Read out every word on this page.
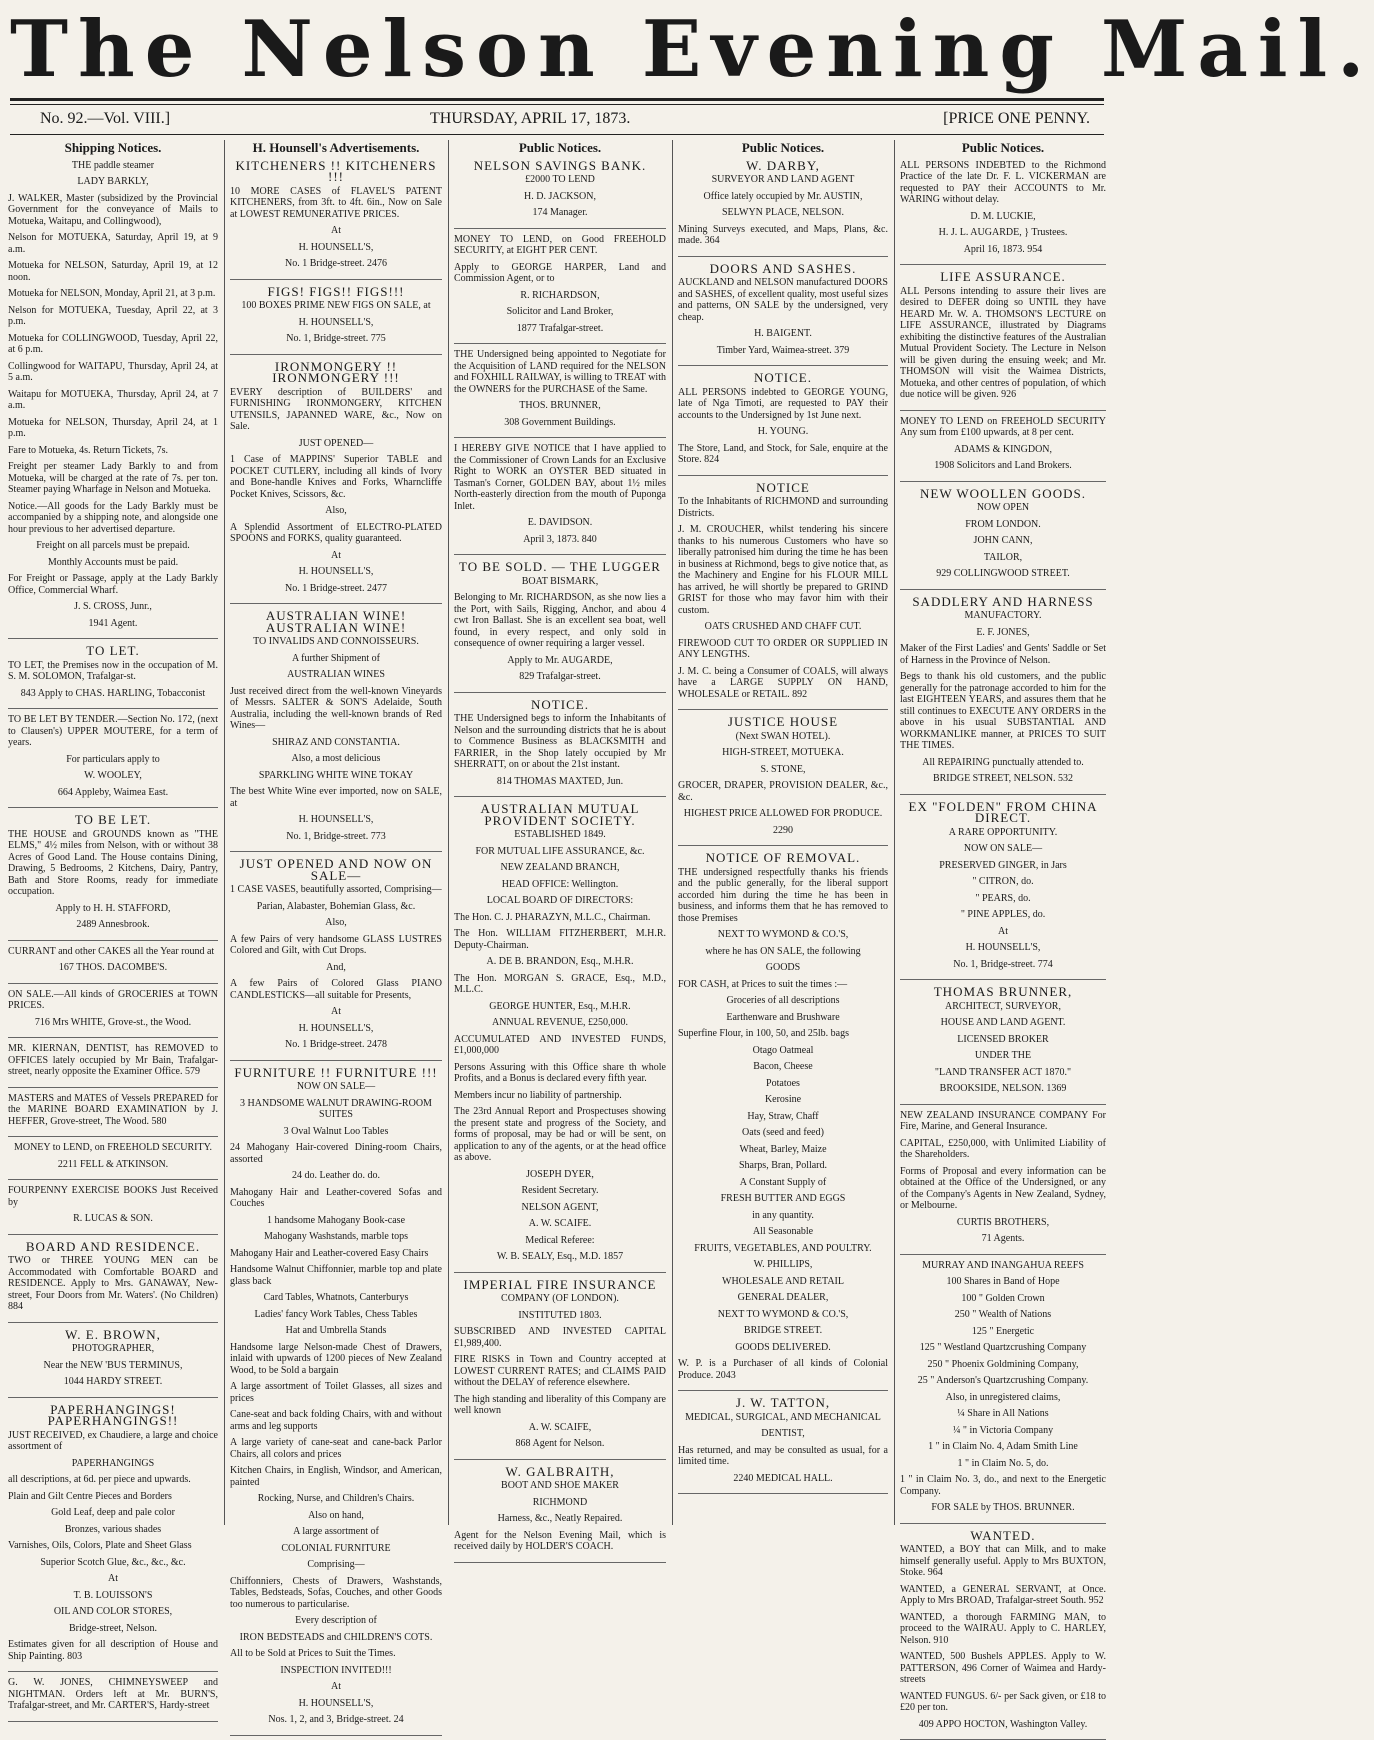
The Nelson Evening Mail.
No. 92.—Vol. VIII.]	THURSDAY, APRIL 17, 1873.	[PRICE ONE PENNY.
Shipping Notices.

THE paddle steamer

LADY BARKLY,

J. WALKER, Master (subsidized by the Provincial Government for the conveyance of Mails to Motueka, Waitapu, and Collingwood),

Nelson for MOTUEKA, Saturday, April 19, at 9 a.m.

Motueka for NELSON, Saturday, April 19, at 12 noon.

Motueka for NELSON, Monday, April 21, at 3 p.m.

Nelson for MOTUEKA, Tuesday, April 22, at 3 p.m.

Motueka for COLLINGWOOD, Tuesday, April 22, at 6 p.m.

Collingwood for WAITAPU, Thursday, April 24, at 5 a.m.

Waitapu for MOTUEKA, Thursday, April 24, at 7 a.m.

Motueka for NELSON, Thursday, April 24, at 1 p.m.

Fare to Motueka, 4s. Return Tickets, 7s.

Freight per steamer Lady Barkly to and from Motueka, will be charged at the rate of 7s. per ton. Steamer paying Wharfage in Nelson and Motueka.

Notice.—All goods for the Lady Barkly must be accompanied by a shipping note, and alongside one hour previous to her advertised departure.

Freight on all parcels must be prepaid.

Monthly Accounts must be paid.

For Freight or Passage, apply at the Lady Barkly Office, Commercial Wharf.

J. S. CROSS, Junr.,

1941 Agent.

TO LET.

TO LET, the Premises now in the occupation of M. S. M. SOLOMON, Trafalgar-st.

843 Apply to CHAS. HARLING, Tobacconist

TO BE LET BY TENDER.—Section No. 172, (next to Clausen's) UPPER MOUTERE, for a term of years.

For particulars apply to

W. WOOLEY,

664 Appleby, Waimea East.

TO BE LET.

THE HOUSE and GROUNDS known as "THE ELMS," 4½ miles from Nelson, with or without 38 Acres of Good Land. The House contains Dining, Drawing, 5 Bedrooms, 2 Kitchens, Dairy, Pantry, Bath and Store Rooms, ready for immediate occupation.

Apply to H. H. STAFFORD,

2489 Annesbrook.

CURRANT and other CAKES all the Year round at

167 THOS. DACOMBE'S.

ON SALE.—All kinds of GROCERIES at TOWN PRICES.

716 Mrs WHITE, Grove-st., the Wood.

MR. KIERNAN, DENTIST, has REMOVED to OFFICES lately occupied by Mr Bain, Trafalgar-street, nearly opposite the Examiner Office. 579

MASTERS and MATES of Vessels PREPARED for the MARINE BOARD EXAMINATION by J. HEFFER, Grove-street, The Wood. 580

MONEY to LEND, on FREEHOLD SECURITY.

2211 FELL & ATKINSON.

FOURPENNY EXERCISE BOOKS Just Received by

R. LUCAS & SON.

BOARD AND RESIDENCE.

TWO or THREE YOUNG MEN can be Accommodated with Comfortable BOARD and RESIDENCE. Apply to Mrs. GANAWAY, New-street, Four Doors from Mr. Waters'. (No Children) 884

W. E. BROWN,

PHOTOGRAPHER,

Near the NEW 'BUS TERMINUS,

1044 HARDY STREET.

PAPERHANGINGS! PAPERHANGINGS!!

JUST RECEIVED, ex Chaudiere, a large and choice assortment of

PAPERHANGINGS

all descriptions, at 6d. per piece and upwards.

Plain and Gilt Centre Pieces and Borders

Gold Leaf, deep and pale color

Bronzes, various shades

Varnishes, Oils, Colors, Plate and Sheet Glass

Superior Scotch Glue, &c., &c., &c.

At

T. B. LOUISSON'S

OIL AND COLOR STORES,

Bridge-street, Nelson.

Estimates given for all description of House and Ship Painting. 803

G. W. JONES, CHIMNEYSWEEP and NIGHTMAN. Orders left at Mr. BURN'S, Trafalgar-street, and Mr. CARTER'S, Hardy-street

H. Hounsell's Advertisements.
KITCHENERS !! KITCHENERS !!!

10 MORE CASES of FLAVEL'S PATENT KITCHENERS, from 3ft. to 4ft. 6in., Now on Sale at LOWEST REMUNERATIVE PRICES.

At

H. HOUNSELL'S,

No. 1 Bridge-street. 2476

FIGS! FIGS!! FIGS!!!

100 BOXES PRIME NEW FIGS ON SALE, at

H. HOUNSELL'S,

No. 1, Bridge-street. 775

IRONMONGERY !! IRONMONGERY !!!

EVERY description of BUILDERS' and FURNISHING IRONMONGERY, KITCHEN UTENSILS, JAPANNED WARE, &c., Now on Sale.

JUST OPENED—

1 Case of MAPPINS' Superior TABLE and POCKET CUTLERY, including all kinds of Ivory and Bone-handle Knives and Forks, Wharncliffe Pocket Knives, Scissors, &c.

Also,

A Splendid Assortment of ELECTRO-PLATED SPOONS and FORKS, quality guaranteed.

At

H. HOUNSELL'S,

No. 1 Bridge-street. 2477

AUSTRALIAN WINE! AUSTRALIAN WINE!

TO INVALIDS AND CONNOISSEURS.

A further Shipment of

AUSTRALIAN WINES

Just received direct from the well-known Vineyards of Messrs. SALTER & SON'S Adelaide, South Australia, including the well-known brands of Red Wines—

SHIRAZ AND CONSTANTIA.

Also, a most delicious

SPARKLING WHITE WINE TOKAY

The best White Wine ever imported, now on SALE, at

H. HOUNSELL'S,

No. 1, Bridge-street. 773

JUST OPENED AND NOW ON SALE—

1 CASE VASES, beautifully assorted, Comprising—

Parian, Alabaster, Bohemian Glass, &c.

Also,

A few Pairs of very handsome GLASS LUSTRES Colored and Gilt, with Cut Drops.

And,

A few Pairs of Colored Glass PIANO CANDLESTICKS—all suitable for Presents,

At

H. HOUNSELL'S,

No. 1 Bridge-street. 2478

FURNITURE !! FURNITURE !!!

NOW ON SALE—

3 HANDSOME WALNUT DRAWING-ROOM SUITES

3 Oval Walnut Loo Tables

24 Mahogany Hair-covered Dining-room Chairs, assorted

24 do. Leather do. do.

Mahogany Hair and Leather-covered Sofas and Couches

1 handsome Mahogany Book-case

Mahogany Washstands, marble tops

Mahogany Hair and Leather-covered Easy Chairs

Handsome Walnut Chiffonnier, marble top and plate glass back

Card Tables, Whatnots, Canterburys

Ladies' fancy Work Tables, Chess Tables

Hat and Umbrella Stands

Handsome large Nelson-made Chest of Drawers, inlaid with upwards of 1200 pieces of New Zealand Wood, to be Sold a bargain

A large assortment of Toilet Glasses, all sizes and prices

Cane-seat and back folding Chairs, with and without arms and leg supports

A large variety of cane-seat and cane-back Parlor Chairs, all colors and prices

Kitchen Chairs, in English, Windsor, and American, painted

Rocking, Nurse, and Children's Chairs.

Also on hand,

A large assortment of

COLONIAL FURNITURE

Comprising—

Chiffonniers, Chests of Drawers, Washstands, Tables, Bedsteads, Sofas, Couches, and other Goods too numerous to particularise.

Every description of

IRON BEDSTEADS and CHILDREN'S COTS.

All to be Sold at Prices to Suit the Times.

INSPECTION INVITED!!!

At

H. HOUNSELL'S,

Nos. 1, 2, and 3, Bridge-street. 24

Public Notices.
NELSON SAVINGS BANK.

£2000 TO LEND

H. D. JACKSON,

174 Manager.

MONEY TO LEND, on Good FREEHOLD SECURITY, at EIGHT PER CENT.

Apply to GEORGE HARPER, Land and Commission Agent, or to

R. RICHARDSON,

Solicitor and Land Broker,

1877 Trafalgar-street.

THE Undersigned being appointed to Negotiate for the Acquisition of LAND required for the NELSON and FOXHILL RAILWAY, is willing to TREAT with the OWNERS for the PURCHASE of the Same.

THOS. BRUNNER,

308 Government Buildings.

I HEREBY GIVE NOTICE that I have applied to the Commissioner of Crown Lands for an Exclusive Right to WORK an OYSTER BED situated in Tasman's Corner, GOLDEN BAY, about 1½ miles North-easterly direction from the mouth of Puponga Inlet.

E. DAVIDSON.

April 3, 1873. 840

TO BE SOLD. — THE LUGGER

BOAT BISMARK,

Belonging to Mr. RICHARDSON, as she now lies a the Port, with Sails, Rigging, Anchor, and abou 4 cwt Iron Ballast. She is an excellent sea boat, well found, in every respect, and only sold in consequence of owner requiring a larger vessel.

Apply to Mr. AUGARDE,

829 Trafalgar-street.

NOTICE.

THE Undersigned begs to inform the Inhabitants of Nelson and the surrounding districts that he is about to Commence Business as BLACKSMITH and FARRIER, in the Shop lately occupied by Mr SHERRATT, on or about the 21st instant.

814 THOMAS MAXTED, Jun.

AUSTRALIAN MUTUAL PROVIDENT SOCIETY.

ESTABLISHED 1849.

FOR MUTUAL LIFE ASSURANCE, &c.

NEW ZEALAND BRANCH,

HEAD OFFICE: Wellington.

LOCAL BOARD OF DIRECTORS:

The Hon. C. J. PHARAZYN, M.L.C., Chairman.

The Hon. WILLIAM FITZHERBERT, M.H.R. Deputy-Chairman.

A. DE B. BRANDON, Esq., M.H.R.

The Hon. MORGAN S. GRACE, Esq., M.D., M.L.C.

GEORGE HUNTER, Esq., M.H.R.

ANNUAL REVENUE, £250,000.

ACCUMULATED AND INVESTED FUNDS, £1,000,000

Persons Assuring with this Office share th whole Profits, and a Bonus is declared every fifth year.

Members incur no liability of partnership.

The 23rd Annual Report and Prospectuses showing the present state and progress of the Society, and forms of proposal, may be had or will be sent, on application to any of the agents, or at the head office as above.

JOSEPH DYER,

Resident Secretary.

NELSON AGENT,

A. W. SCAIFE.

Medical Referee:

W. B. SEALY, Esq., M.D. 1857

IMPERIAL FIRE INSURANCE

COMPANY (OF LONDON).

INSTITUTED 1803.

SUBSCRIBED AND INVESTED CAPITAL £1,989,400.

FIRE RISKS in Town and Country accepted at LOWEST CURRENT RATES; and CLAIMS PAID without the DELAY of reference elsewhere.

The high standing and liberality of this Company are well known

A. W. SCAIFE,

868 Agent for Nelson.

W. GALBRAITH,

BOOT AND SHOE MAKER

RICHMOND

Harness, &c., Neatly Repaired.

Agent for the Nelson Evening Mail, which is received daily by HOLDER'S COACH.

Public Notices.
W. DARBY,

SURVEYOR AND LAND AGENT

Office lately occupied by Mr. AUSTIN,

SELWYN PLACE, NELSON.

Mining Surveys executed, and Maps, Plans, &c. made. 364

DOORS AND SASHES.

AUCKLAND and NELSON manufactured DOORS and SASHES, of excellent quality, most useful sizes and patterns, ON SALE by the undersigned, very cheap.

H. BAIGENT.

Timber Yard, Waimea-street. 379

NOTICE.

ALL PERSONS indebted to GEORGE YOUNG, late of Nga Timoti, are requested to PAY their accounts to the Undersigned by 1st June next.

H. YOUNG.

The Store, Land, and Stock, for Sale, enquire at the Store. 824

NOTICE

To the Inhabitants of RICHMOND and surrounding Districts.

J. M. CROUCHER, whilst tendering his sincere thanks to his numerous Customers who have so liberally patronised him during the time he has been in business at Richmond, begs to give notice that, as the Machinery and Engine for his FLOUR MILL has arrived, he will shortly be prepared to GRIND GRIST for those who may favor him with their custom.

OATS CRUSHED AND CHAFF CUT.

FIREWOOD CUT TO ORDER OR SUPPLIED IN ANY LENGTHS.

J. M. C. being a Consumer of COALS, will always have a LARGE SUPPLY ON HAND, WHOLESALE or RETAIL. 892

JUSTICE HOUSE

(Next SWAN HOTEL).

HIGH-STREET, MOTUEKA.

S. STONE,

GROCER, DRAPER, PROVISION DEALER, &c., &c.

HIGHEST PRICE ALLOWED FOR PRODUCE.

2290

NOTICE OF REMOVAL.

THE undersigned respectfully thanks his friends and the public generally, for the liberal support accorded him during the time he has been in business, and informs them that he has removed to those Premises

NEXT TO WYMOND & CO.'S,

where he has ON SALE, the following

GOODS

FOR CASH, at Prices to suit the times :—

Groceries of all descriptions

Earthenware and Brushware

Superfine Flour, in 100, 50, and 25lb. bags

Otago Oatmeal

Bacon, Cheese

Potatoes

Kerosine

Hay, Straw, Chaff

Oats (seed and feed)

Wheat, Barley, Maize

Sharps, Bran, Pollard.

A Constant Supply of

FRESH BUTTER AND EGGS

in any quantity.

All Seasonable

FRUITS, VEGETABLES, AND POULTRY.

W. PHILLIPS,

WHOLESALE AND RETAIL

GENERAL DEALER,

NEXT TO WYMOND & CO.'S,

BRIDGE STREET.

GOODS DELIVERED.

W. P. is a Purchaser of all kinds of Colonial Produce. 2043

J. W. TATTON,

MEDICAL, SURGICAL, AND MECHANICAL

DENTIST,

Has returned, and may be consulted as usual, for a limited time.

2240 MEDICAL HALL.

Public Notices.

ALL PERSONS INDEBTED to the Richmond Practice of the late Dr. F. L. VICKERMAN are requested to PAY their ACCOUNTS to Mr. WARING without delay.

D. M. LUCKIE,

H. J. L. AUGARDE, } Trustees.

April 16, 1873. 954

LIFE ASSURANCE.

ALL Persons intending to assure their lives are desired to DEFER doing so UNTIL they have HEARD Mr. W. A. THOMSON'S LECTURE on LIFE ASSURANCE, illustrated by Diagrams exhibiting the distinctive features of the Australian Mutual Provident Society. The Lecture in Nelson will be given during the ensuing week; and Mr. THOMSON will visit the Waimea Districts, Motueka, and other centres of population, of which due notice will be given. 926

MONEY TO LEND on FREEHOLD SECURITY Any sum from £100 upwards, at 8 per cent.

ADAMS & KINGDON,

1908 Solicitors and Land Brokers.

NEW WOOLLEN GOODS.

NOW OPEN

FROM LONDON.

JOHN CANN,

TAILOR,

929 COLLINGWOOD STREET.

SADDLERY AND HARNESS

MANUFACTORY.

E. F. JONES,

Maker of the First Ladies' and Gents' Saddle or Set of Harness in the Province of Nelson.

Begs to thank his old customers, and the public generally for the patronage accorded to him for the last EIGHTEEN YEARS, and assures them that he still continues to EXECUTE ANY ORDERS in the above in his usual SUBSTANTIAL AND WORKMANLIKE manner, at PRICES TO SUIT THE TIMES.

All REPAIRING punctually attended to.

BRIDGE STREET, NELSON. 532

EX "FOLDEN" FROM CHINA DIRECT.

A RARE OPPORTUNITY.

NOW ON SALE—

PRESERVED GINGER, in Jars

" CITRON, do.

" PEARS, do.

" PINE APPLES, do.

At

H. HOUNSELL'S,

No. 1, Bridge-street. 774

THOMAS BRUNNER,

ARCHITECT, SURVEYOR,

HOUSE AND LAND AGENT.

LICENSED BROKER

UNDER THE

"LAND TRANSFER ACT 1870."

BROOKSIDE, NELSON. 1369

NEW ZEALAND INSURANCE COMPANY For Fire, Marine, and General Insurance.

CAPITAL, £250,000, with Unlimited Liability of the Shareholders.

Forms of Proposal and every information can be obtained at the Office of the Undersigned, or any of the Company's Agents in New Zealand, Sydney, or Melbourne.

CURTIS BROTHERS,

71 Agents.

MURRAY AND INANGAHUA REEFS

100 Shares in Band of Hope

100 " Golden Crown

250 " Wealth of Nations

125 " Energetic

125 " Westland Quartzcrushing Company

250 " Phoenix Goldmining Company,

25 " Anderson's Quartzcrushing Company.

Also, in unregistered claims,

¼ Share in All Nations

¼ " in Victoria Company

1 " in Claim No. 4, Adam Smith Line

1 " in Claim No. 5, do.

1 " in Claim No. 3, do., and next to the Energetic Company.

FOR SALE by THOS. BRUNNER.

WANTED.

WANTED, a BOY that can Milk, and to make himself generally useful. Apply to Mrs BUXTON, Stoke. 964

WANTED, a GENERAL SERVANT, at Once. Apply to Mrs BROAD, Trafalgar-street South. 952

WANTED, a thorough FARMING MAN, to proceed to the WAIRAU. Apply to C. HARLEY, Nelson. 910

WANTED, 500 Bushels APPLES. Apply to W. PATTERSON, 496 Corner of Waimea and Hardy-streets

WANTED FUNGUS. 6/- per Sack given, or £18 to £20 per ton.

409 APPO HOCTON, Washington Valley.
